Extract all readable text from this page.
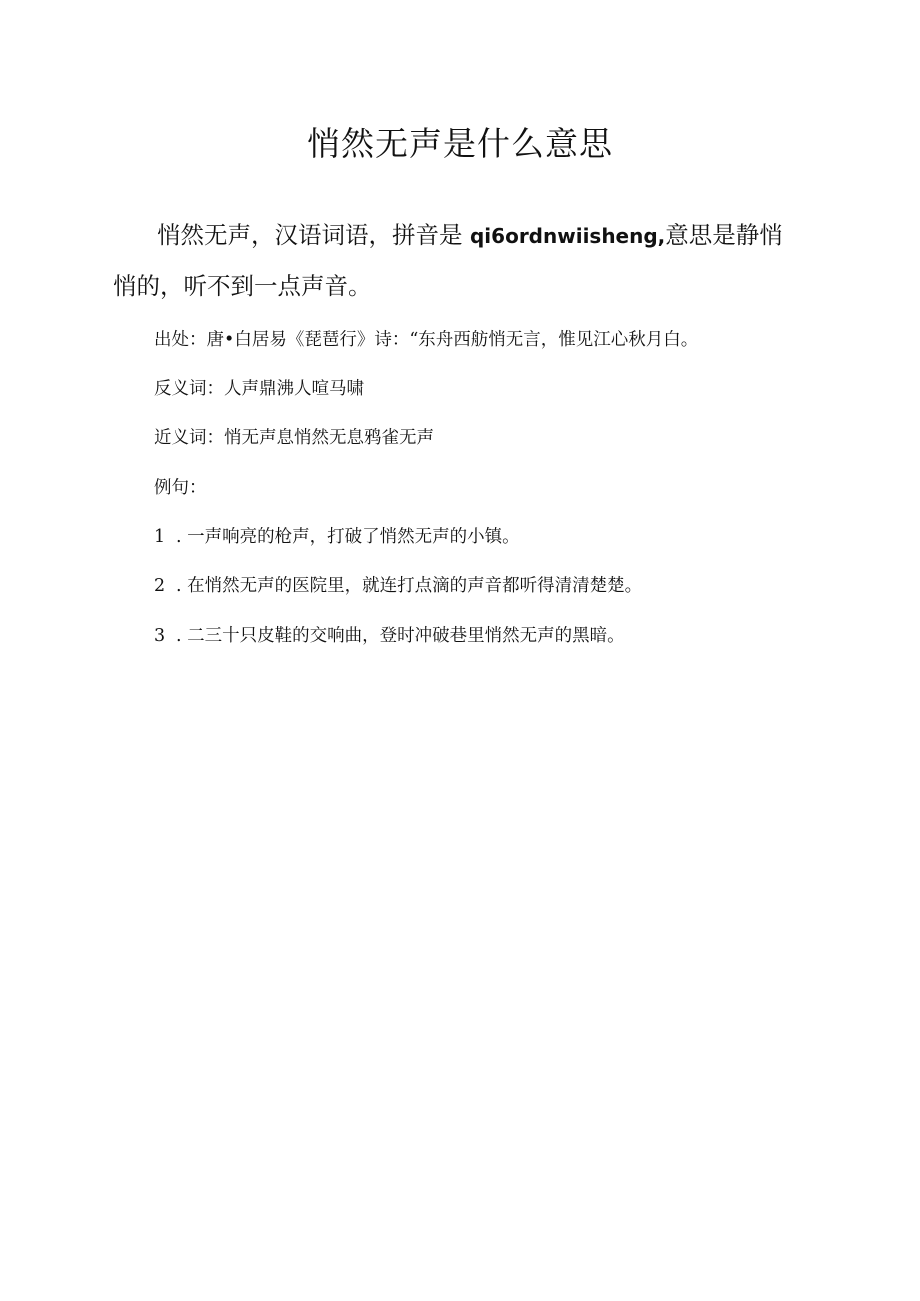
悄然无声是什么意思

悄然无声，汉语词语，拼音是 qi6ordnwiisheng,意思是静悄悄的，听不到一点声音。

出处：唐•白居易《琵琶行》诗：“东舟西舫悄无言，惟见江心秋月白。

反义词：人声鼎沸人喧马啸

近义词：悄无声息悄然无息鸦雀无声

例句：

1 . 一声响亮的枪声，打破了悄然无声的小镇。

2 . 在悄然无声的医院里，就连打点滴的声音都听得清清楚楚。

3 . 二三十只皮鞋的交响曲，登时冲破巷里悄然无声的黑暗。
